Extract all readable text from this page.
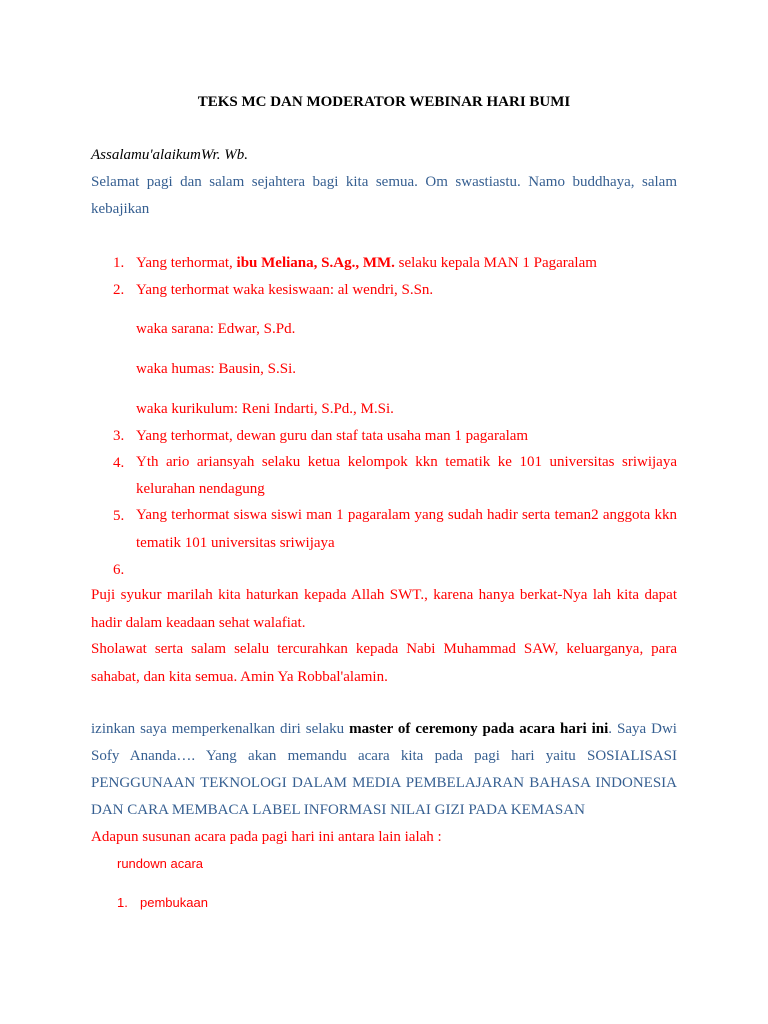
TEKS MC DAN MODERATOR WEBINAR HARI BUMI
Assalamu'alaikumWr. Wb.
Selamat pagi dan salam sejahtera bagi kita semua. Om swastiastu. Namo buddhaya, salam
kebajikan
1. Yang terhormat, ibu Meliana, S.Ag., MM. selaku kepala MAN 1 Pagaralam
2. Yang terhormat waka kesiswaan: al wendri, S.Sn.
waka sarana: Edwar, S.Pd.
waka humas: Bausin, S.Si.
waka kurikulum: Reni Indarti, S.Pd., M.Si.
3. Yang terhormat, dewan guru dan staf tata usaha man 1 pagaralam
4. Yth ario ariansyah selaku ketua kelompok kkn tematik ke 101 universitas sriwijaya
kelurahan nendagung
5. Yang terhormat siswa siswi man 1 pagaralam yang sudah hadir serta teman2 anggota kkn
tematik 101 universitas sriwijaya
6.
Puji syukur marilah kita haturkan kepada Allah SWT., karena hanya berkat-Nya lah kita dapat
hadir dalam keadaan sehat walafiat.
Sholawat serta salam selalu tercurahkan kepada Nabi Muhammad SAW, keluarganya, para
sahabat, dan kita semua. Amin Ya Robbal'alamin.
izinkan saya memperkenalkan diri selaku master of ceremony pada acara hari ini. Saya Dwi
Sofy Ananda…. Yang akan memandu acara kita pada pagi hari yaitu SOSIALISASI
PENGGUNAAN TEKNOLOGI DALAM MEDIA PEMBELAJARAN BAHASA INDONESIA
DAN CARA MEMBACA LABEL INFORMASI NILAI GIZI PADA KEMASAN
Adapun susunan acara pada pagi hari ini antara lain ialah :
rundown acara
1. pembukaan
